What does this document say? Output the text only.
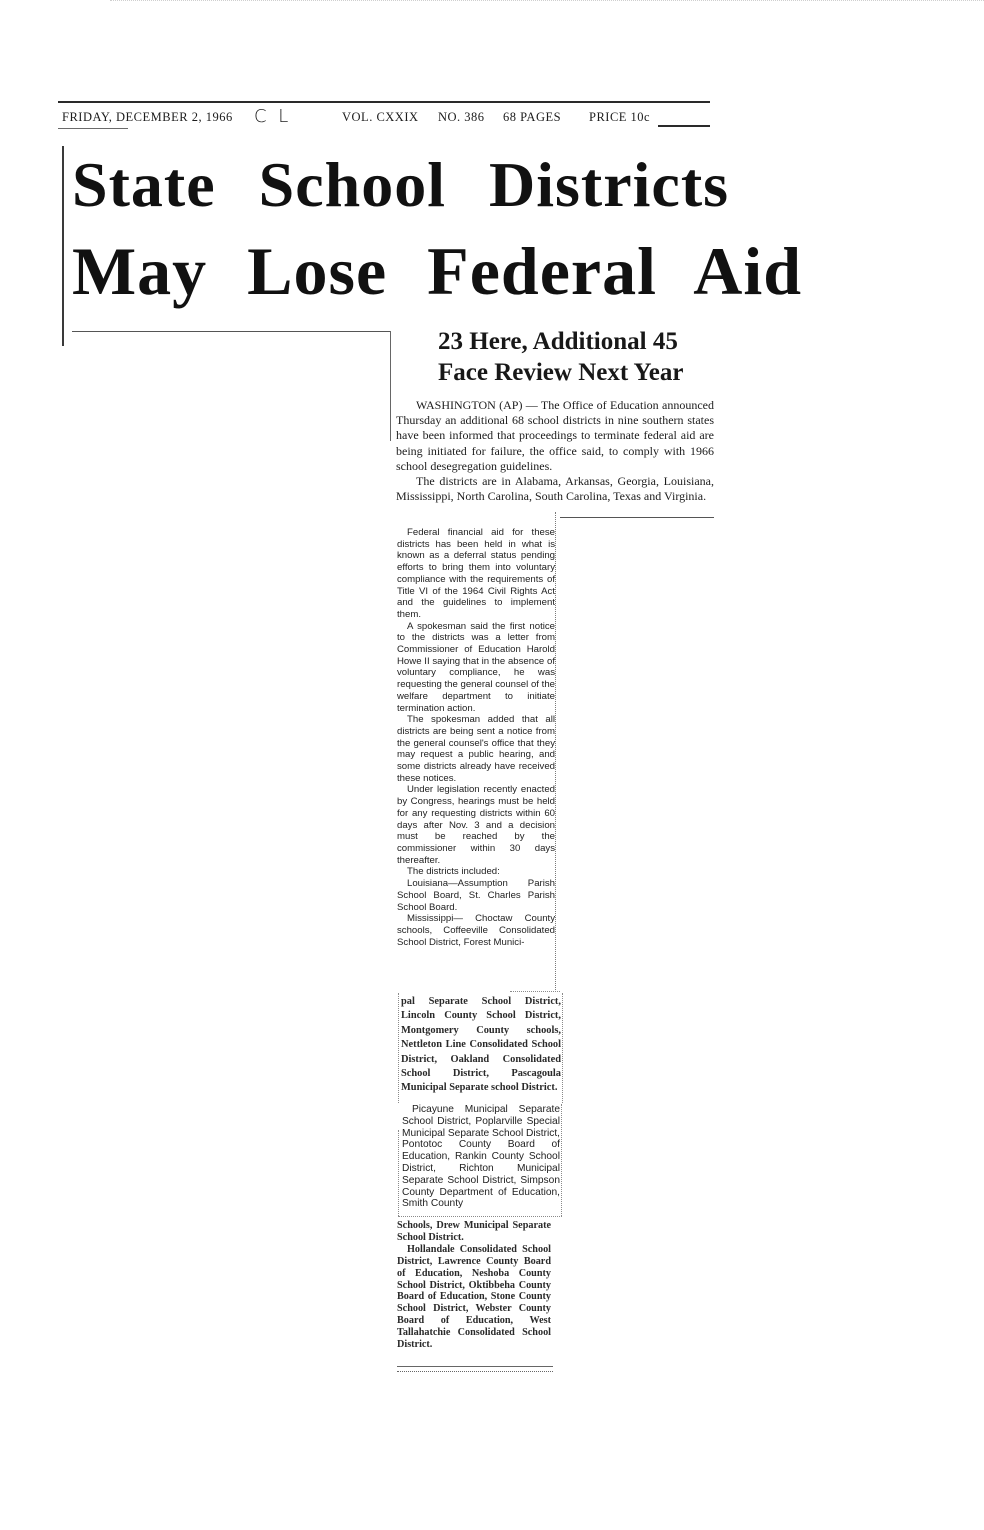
FRIDAY, DECEMBER 2, 1966 C L	VOL. CXXIX NO. 386 68 PAGES PRICE 10c
State School Districts
May Lose Federal Aid
23 Here, Additional 45
Face Review Next Year

WASHINGTON (AP) — The Office of Education announced Thursday an additional 68 school districts in nine southern states have been informed that proceedings to terminate federal aid are being initiated for failure, the office said, to comply with 1966 school desegregation guidelines.

The districts are in Alabama, Arkansas, Georgia, Louisiana, Mississippi, North Carolina, South Carolina, Texas and Virginia.

Federal financial aid for these districts has been held in what is known as a deferral status pending efforts to bring them into voluntary compliance with the requirements of Title VI of the 1964 Civil Rights Act and the guidelines to implement them.

A spokesman said the first notice to the districts was a letter from Commissioner of Education Harold Howe II saying that in the absence of voluntary compliance, he was requesting the general counsel of the welfare department to initiate termination action.

The spokesman added that all districts are being sent a notice from the general counsel's office that they may request a public hearing, and some districts already have received these notices.

Under legislation recently enacted by Congress, hearings must be held for any requesting districts within 60 days after Nov. 3 and a decision must be reached by the commissioner within 30 days thereafter.

The districts included:

Louisiana—Assumption Parish School Board, St. Charles Parish School Board.

Mississippi— Choctaw County schools, Coffeeville Consolidated School District, Forest Munici-

pal Separate School District, Lincoln County School District, Montgomery County schools, Nettleton Line Consolidated School District, Oakland Consolidated School District, Pascagoula Municipal Separate school District.

Picayune Municipal Separate School District, Poplarville Special Municipal Separate School District, Pontotoc County Board of Education, Rankin County School District, Richton Municipal Separate School District, Simpson County Department of Education, Smith County

Schools, Drew Municipal Separate School District.

Hollandale Consolidated School District, Lawrence County Board of Education, Neshoba County School District, Oktibbeha County Board of Education, Stone County School District, Webster County Board of Education, West Tallahatchie Consolidated School District.
